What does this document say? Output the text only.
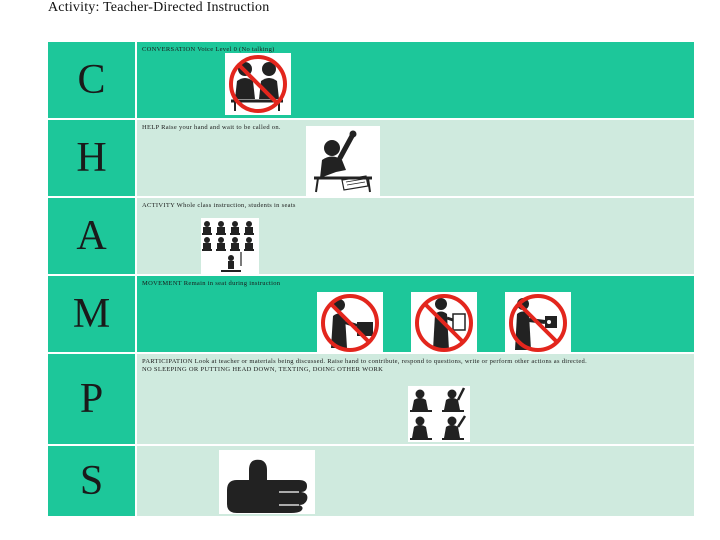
Activity: Teacher-Directed Instruction
C
CONVERSATION Voice Level 0 (No talking)
H
HELP Raise your hand and wait to be called on.
A
ACTIVITY Whole class instruction, students in seats
M
MOVEMENT Remain in seat during instruction
P
PARTICIPATION Look at teacher or materials being discussed. Raise hand to contribute, respond to questions, write or perform other actions as directed.
NO SLEEPING OR PUTTING HEAD DOWN, TEXTING, DOING OTHER WORK
S
